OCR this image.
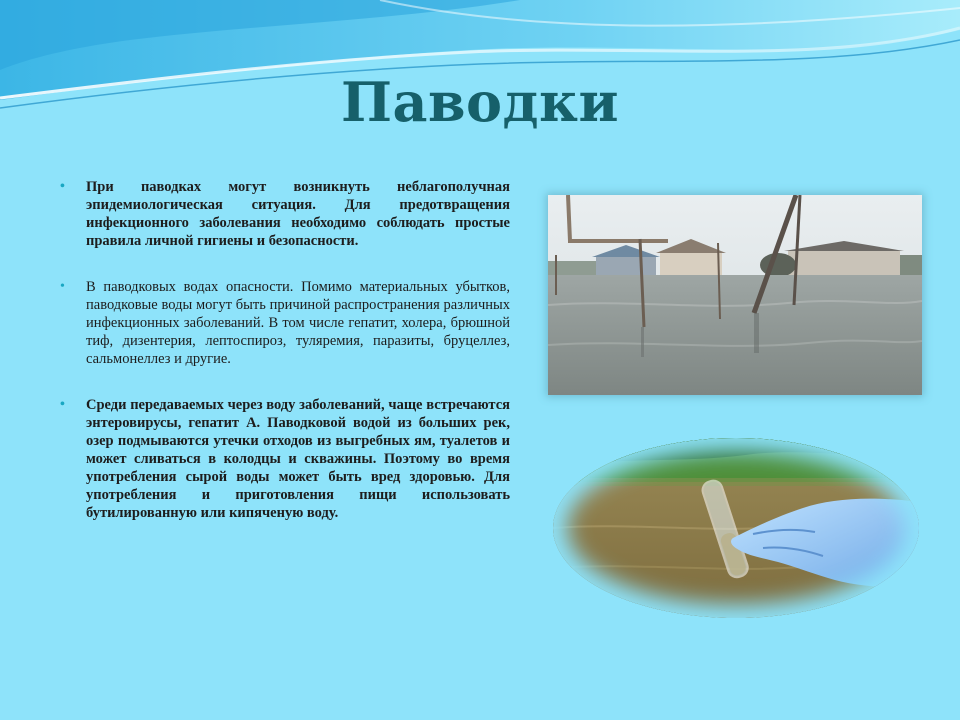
Паводки
• При паводках могут возникнуть неблагополучная эпидемиологическая ситуация. Для предотвращения инфекционного заболевания необходимо соблюдать простые правила личной гигиены и безопасности.
• В паводковых водах опасности. Помимо материальных убытков, паводковые воды могут быть причиной распространения различных инфекционных заболеваний. В том числе гепатит, холера, брюшной тиф, дизентерия, лептоспироз, туляремия, паразиты, бруцеллез, сальмонеллез и другие.
• Среди передаваемых через воду заболеваний, чаще встречаются энтеровирусы, гепатит А. Паводковой водой из больших рек, озер подмываются утечки отходов из выгребных ям, туалетов и может сливаться в колодцы и скважины. Поэтому во время употребления сырой воды может быть вред здоровью. Для употребления и приготовления пищи использовать бутилированную или кипяченую воду.
